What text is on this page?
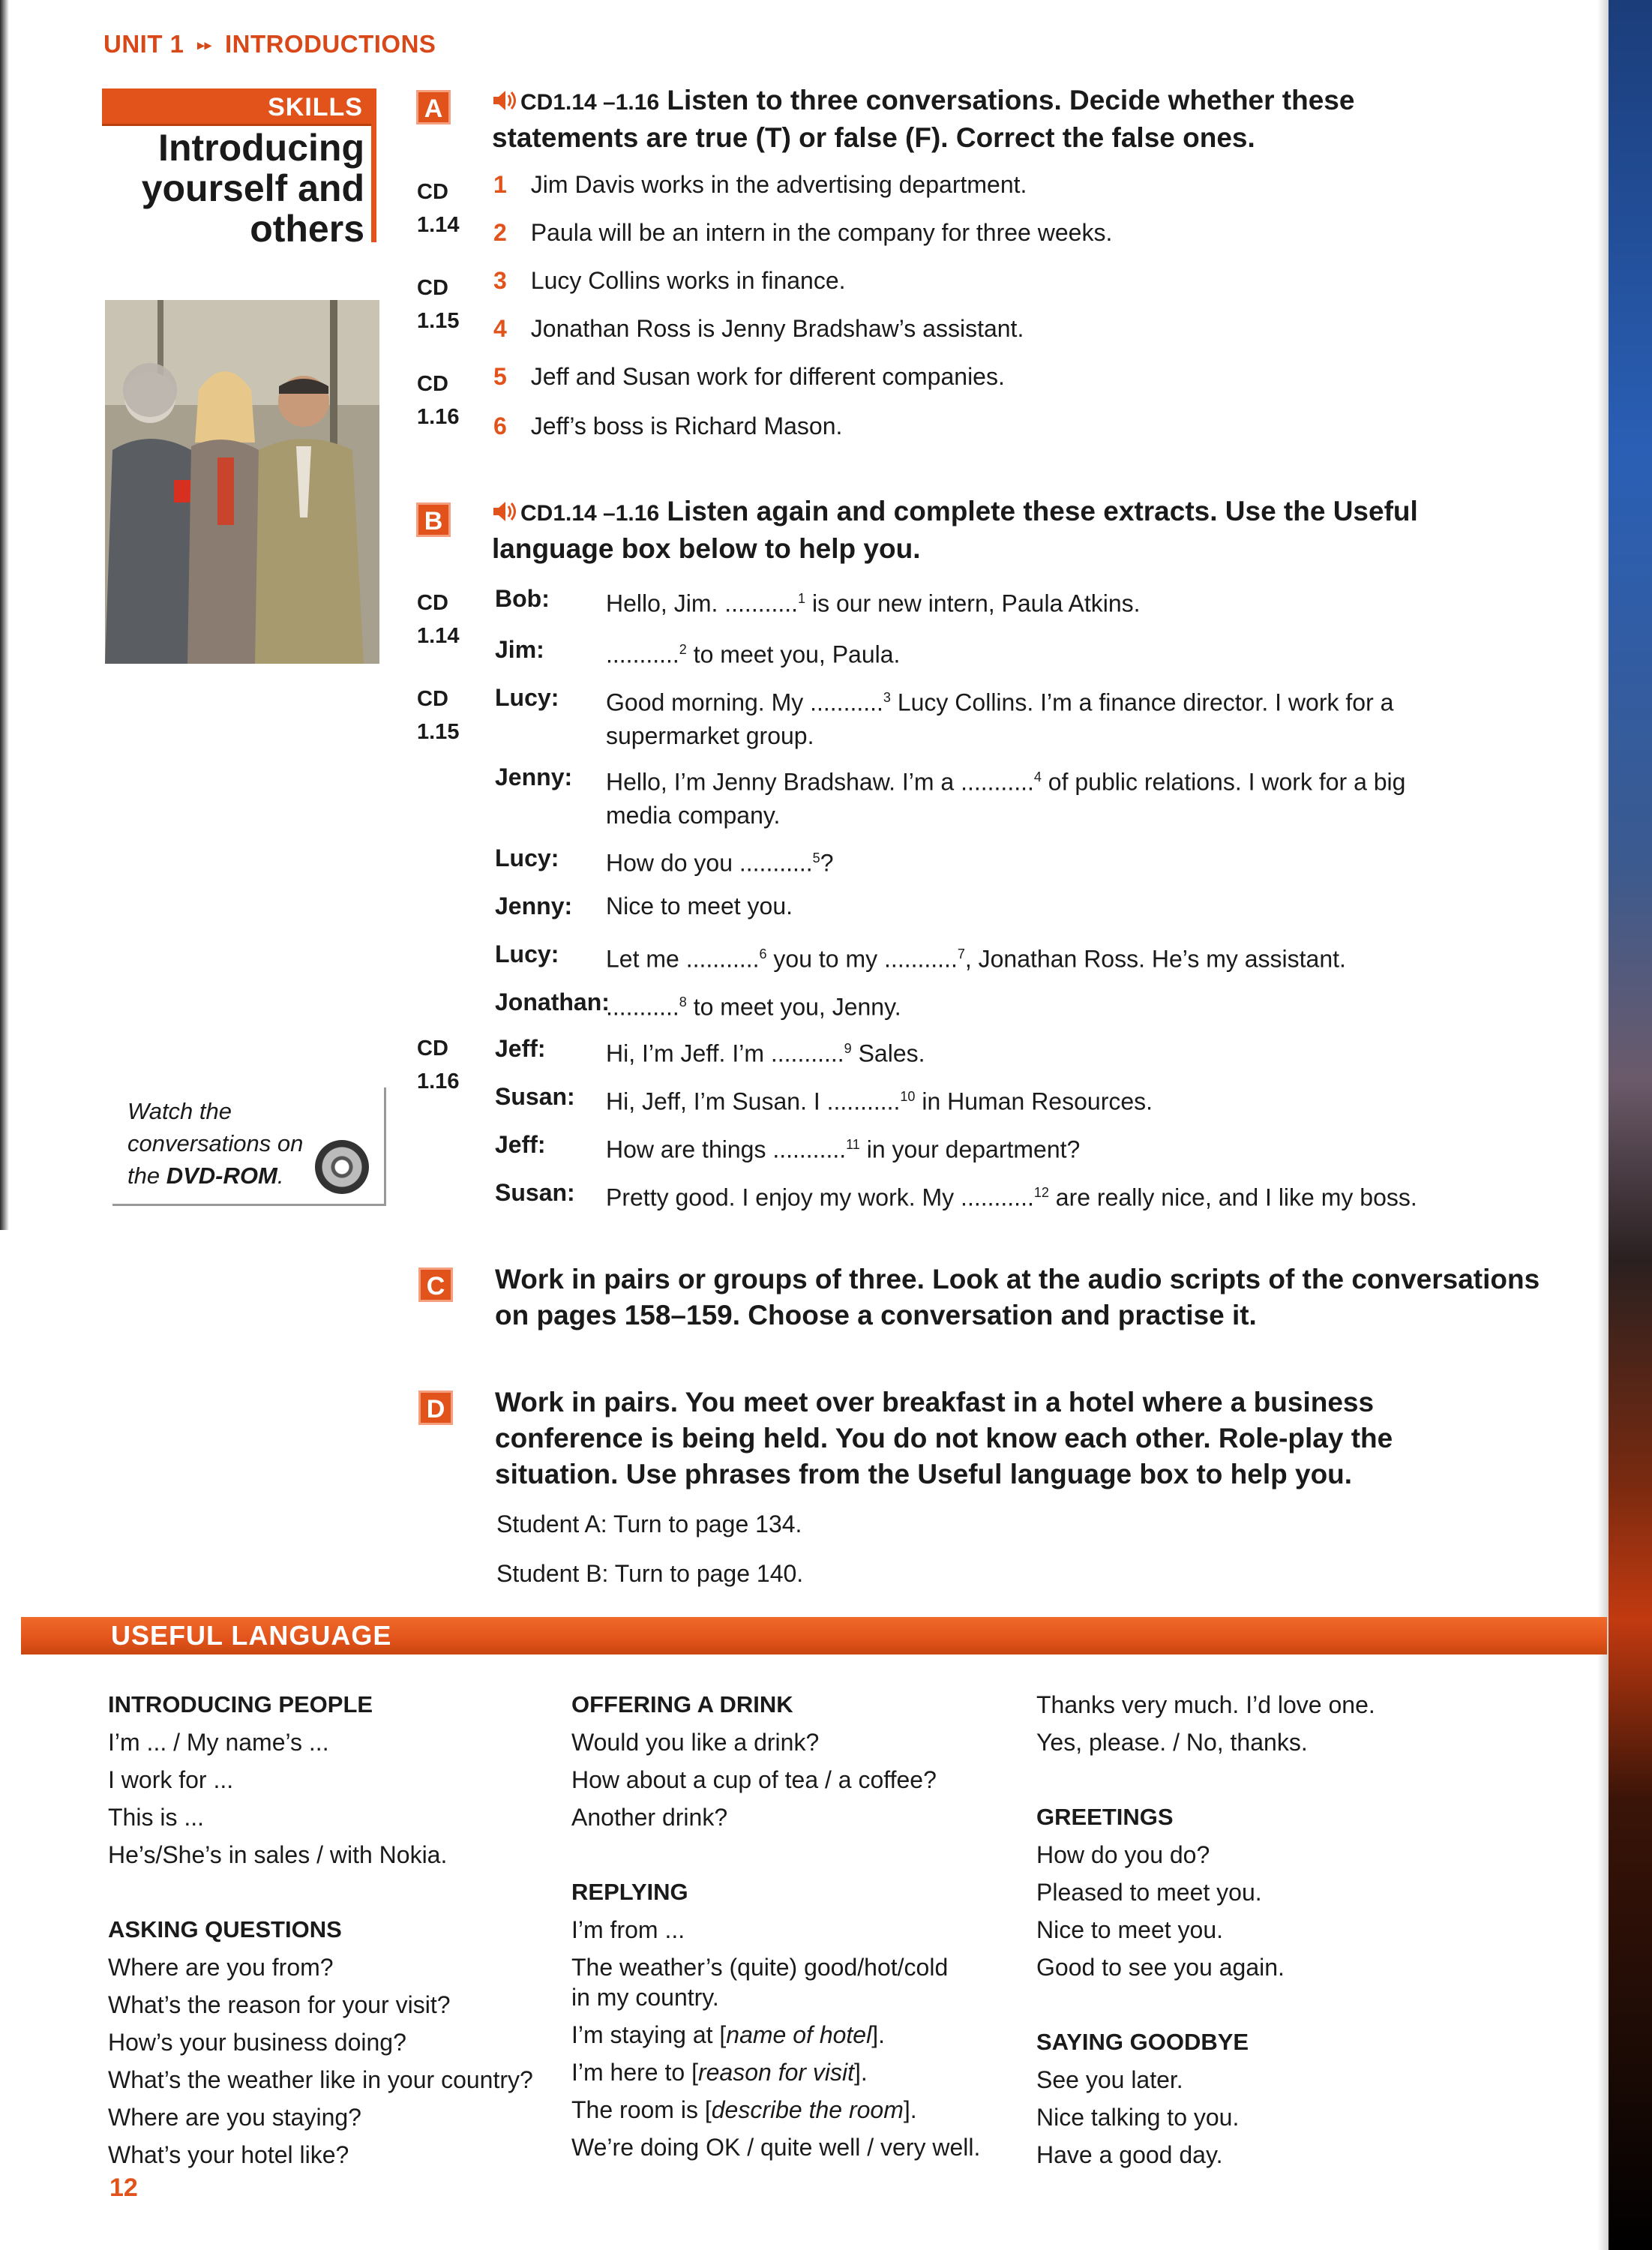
UNIT 1 ▸▸ INTRODUCTIONS
SKILLS
Introducing
yourself and
others
Watch the
conversations on
the DVD-ROM.
A	CD1.14 –1.16 Listen to three conversations. Decide whether these
statements are true (T) or false (F). Correct the false ones.
CD
1.14
CD
1.15
CD
1.16
1 Jim Davis works in the advertising department.
2 Paula will be an intern in the company for three weeks.
3 Lucy Collins works in finance.
4 Jonathan Ross is Jenny Bradshaw’s assistant.
5 Jeff and Susan work for different companies.
6 Jeff’s boss is Richard Mason.
B	CD1.14 –1.16 Listen again and complete these extracts. Use the Useful
language box below to help you.
CD
1.14
CD
1.15
CD
1.16
Bob: Hello, Jim. ...........$^1$ is our new intern, Paula Atkins.
Jim:	...........$^2$ to meet you, Paula.
Lucy: Good morning. My ...........$^3$ Lucy Collins. I’m a finance director. I work for a
supermarket group.
Jenny: Hello, I’m Jenny Bradshaw. I’m a ...........$^4$ of public relations. I work for a big
media company.
Lucy: How do you ...........$^5$?
Jenny: Nice to meet you.
Lucy: Let me ...........$^6$ you to my ...........$^7$, Jonathan Ross. He’s my assistant.
Jonathan:
...........$^8$ to meet you, Jenny.
Jeff:	Hi, I’m Jeff. I’m ...........$^9$ Sales.
Susan: Hi, Jeff, I’m Susan. I ...........$^{10}$ in Human Resources.
Jeff:	How are things ...........$^{11}$ in your department?
Susan: Pretty good. I enjoy my work. My ...........$^{12}$ are really nice, and I like my boss.
C Work in pairs or groups of three. Look at the audio scripts of the conversations
on pages 158–159. Choose a conversation and practise it.
D Work in pairs. You meet over breakfast in a hotel where a business
conference is being held. You do not know each other. Role-play the
situation. Use phrases from the Useful language box to help you.
Student A: Turn to page 134.
Student B: Turn to page 140.
USEFUL LANGUAGE
INTRODUCING PEOPLE
I’m ... / My name’s ...
I work for ...
This is ...
He’s/She’s in sales / with Nokia.
ASKING QUESTIONS
Where are you from?
What’s the reason for your visit?
How’s your business doing?
What’s the weather like in your country?
Where are you staying?
What’s your hotel like?
OFFERING A DRINK
Would you like a drink?
How about a cup of tea / a coffee?
Another drink?
REPLYING
I’m from ...
The weather’s (quite) good/hot/cold
in my country.
I’m staying at [name of hotel].
I’m here to [reason for visit].
The room is [describe the room].
We’re doing OK / quite well / very well.
Thanks very much. I’d love one.
Yes, please. / No, thanks.
GREETINGS
How do you do?
Pleased to meet you.
Nice to meet you.
Good to see you again.
SAYING GOODBYE
See you later.
Nice talking to you.
Have a good day.
12
